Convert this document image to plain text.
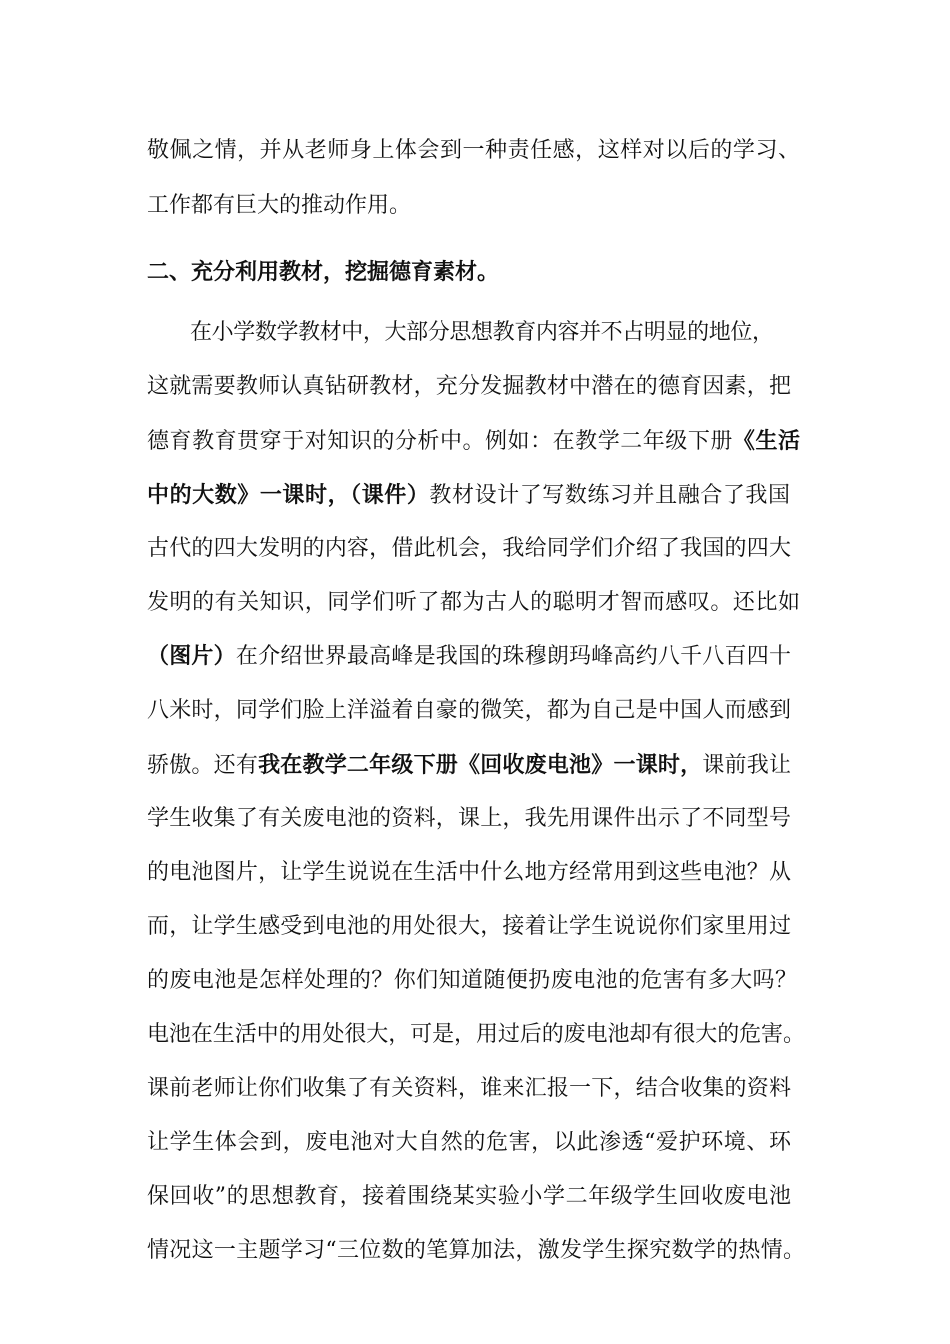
二、充分利用教材，挖掘德育素材。
敬佩之情，并从老师身上体会到一种责任感，这样对以后的学习、
工作都有巨大的推动作用。
在小学数学教材中，大部分思想教育内容并不占明显的地位，
这就需要教师认真钻研教材，充分发掘教材中潜在的德育因素，把
德育教育贯穿于对知识的分析中。例如：在教学二年级下册《生活
中的大数》一课时，（课件）教材设计了写数练习并且融合了我国
古代的四大发明的内容，借此机会，我给同学们介绍了我国的四大
发明的有关知识，同学们听了都为古人的聪明才智而感叹。还比如
（图片）在介绍世界最高峰是我国的珠穆朗玛峰高约八千八百四十
八米时，同学们脸上洋溢着自豪的微笑，都为自己是中国人而感到
骄傲。还有我在教学二年级下册《回收废电池》一课时，课前我让
学生收集了有关废电池的资料，课上，我先用课件出示了不同型号
的电池图片，让学生说说在生活中什么地方经常用到这些电池？从
而，让学生感受到电池的用处很大，接着让学生说说你们家里用过
的废电池是怎样处理的？你们知道随便扔废电池的危害有多大吗？
电池在生活中的用处很大，可是，用过后的废电池却有很大的危害。
课前老师让你们收集了有关资料，谁来汇报一下，结合收集的资料
让学生体会到，废电池对大自然的危害，以此渗透“爱护环境、环
保回收”的思想教育，接着围绕某实验小学二年级学生回收废电池
情况这一主题学习“三位数的笔算加法，激发学生探究数学的热情。
